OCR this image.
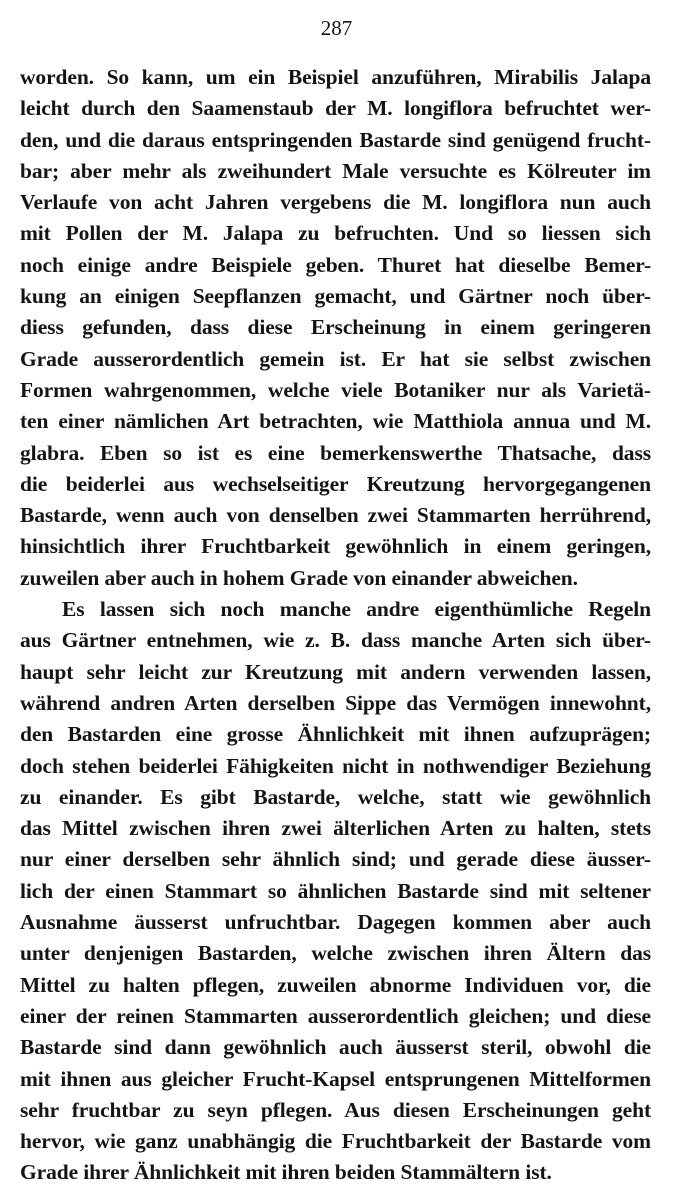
287

worden. So kann, um ein Beispiel anzuführen, Mirabilis Jalapa
leicht durch den Saamenstaub der M. longiflora befruchtet wer-
den, und die daraus entspringenden Bastarde sind genügend frucht-
bar; aber mehr als zweihundert Male versuchte es Kölreuter im
Verlaufe von acht Jahren vergebens die M. longiflora nun auch
mit Pollen der M. Jalapa zu befruchten. Und so liessen sich
noch einige andre Beispiele geben. Thuret hat dieselbe Bemer-
kung an einigen Seepflanzen gemacht, und Gärtner noch über-
diess gefunden, dass diese Erscheinung in einem geringeren
Grade ausserordentlich gemein ist. Er hat sie selbst zwischen
Formen wahrgenommen, welche viele Botaniker nur als Varietä-
ten einer nämlichen Art betrachten, wie Matthiola annua und M.
glabra. Eben so ist es eine bemerkenswerthe Thatsache, dass
die beiderlei aus wechselseitiger Kreutzung hervorgegangenen
Bastarde, wenn auch von denselben zwei Stammarten herrührend,
hinsichtlich ihrer Fruchtbarkeit gewöhnlich in einem geringen,
zuweilen aber auch in hohem Grade von einander abweichen.
Es lassen sich noch manche andre eigenthümliche Regeln
aus Gärtner entnehmen, wie z. B. dass manche Arten sich über-
haupt sehr leicht zur Kreutzung mit andern verwenden lassen,
während andren Arten derselben Sippe das Vermögen innewohnt,
den Bastarden eine grosse Ähnlichkeit mit ihnen aufzuprägen;
doch stehen beiderlei Fähigkeiten nicht in nothwendiger Beziehung
zu einander. Es gibt Bastarde, welche, statt wie gewöhnlich
das Mittel zwischen ihren zwei älterlichen Arten zu halten, stets
nur einer derselben sehr ähnlich sind; und gerade diese äusser-
lich der einen Stammart so ähnlichen Bastarde sind mit seltener
Ausnahme äusserst unfruchtbar. Dagegen kommen aber auch
unter denjenigen Bastarden, welche zwischen ihren Ältern das
Mittel zu halten pflegen, zuweilen abnorme Individuen vor, die
einer der reinen Stammarten ausserordentlich gleichen; und diese
Bastarde sind dann gewöhnlich auch äusserst steril, obwohl die
mit ihnen aus gleicher Frucht-Kapsel entsprungenen Mittelformen
sehr fruchtbar zu seyn pflegen. Aus diesen Erscheinungen geht
hervor, wie ganz unabhängig die Fruchtbarkeit der Bastarde vom
Grade ihrer Ähnlichkeit mit ihren beiden Stammältern ist.
